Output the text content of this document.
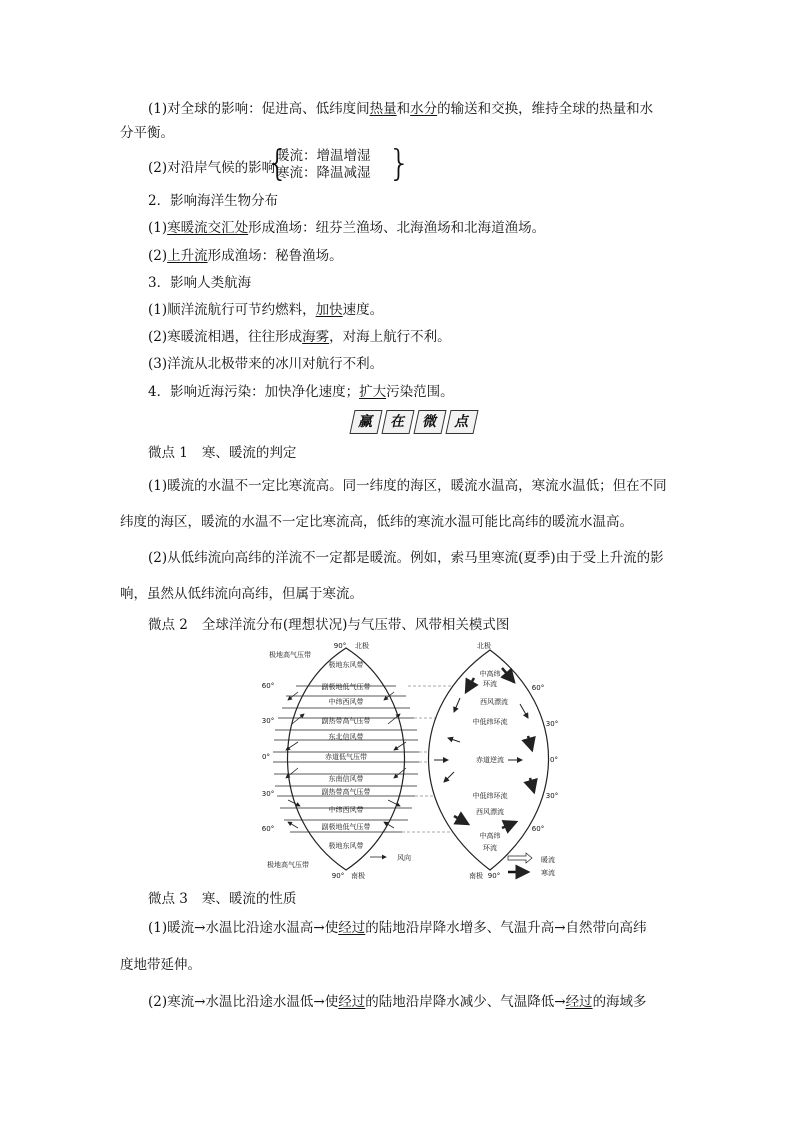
(1)对全球的影响：促进高、低纬度间热量和水分的输送和交换，维持全球的热量和水
分平衡。
(2)对沿岸气候的影响
{
暖流：增温增湿
寒流：降温减湿 }
2．影响海洋生物分布
(1)寒暖流交汇处形成渔场：纽芬兰渔场、北海渔场和北海道渔场。
(2)上升流形成渔场：秘鲁渔场。
3．影响人类航海
(1)顺洋流航行可节约燃料，加快速度。
(2)寒暖流相遇，往往形成海雾，对海上航行不利。
(3)洋流从北极带来的冰川对航行不利。
4．影响近海污染：加快净化速度；扩大污染范围。
赢	在	微	点
微点 1 寒、暖流的判定
(1)暖流的水温不一定比寒流高。同一纬度的海区，暖流水温高，寒流水温低；但在不同纬度的海区，暖流的水温不一定比寒流高，低纬的寒流水温可能比高纬的暖流水温高。
(2)从低纬流向高纬的洋流不一定都是暖流。例如，索马里寒流(夏季)由于受上升流的影响，虽然从低纬流向高纬，但属于寒流。
微点 2 全球洋流分布(理想状况)与气压带、风带相关模式图
90° 北极
极地高气压带
极地东风带
60°	副极地低气压带
中纬西风带
30°	副热带高气压带
东北信风带
0°	赤道低气压带
东南信风带
30°	副热带高气压带
中纬西风带
60°	副极地低气压带
极地东风带
极地高气压带
90° 南极
风向
北极
中高纬
环流	60°
西风漂流
中低纬环流	30°
赤道逆流	0°
中低纬环流	30°
西风漂流
60°
中高纬
环流
南极 90°
暖流
寒流
微点 3 寒、暖流的性质
(1)暖流→水温比沿途水温高→使经过的陆地沿岸降水增多、气温升高→自然带向高纬
度地带延伸。
(2)寒流→水温比沿途水温低→使经过的陆地沿岸降水减少、气温降低→经过的海域多
